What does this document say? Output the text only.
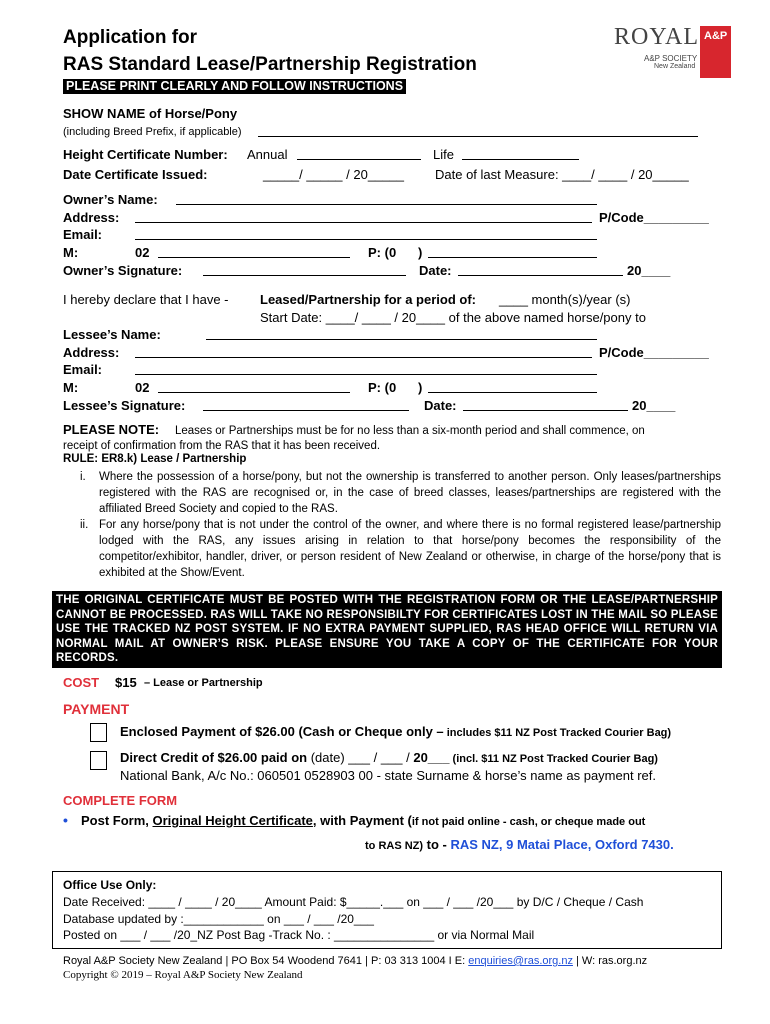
Application for
RAS Standard Lease/Partnership Registration
PLEASE PRINT CLEARLY AND FOLLOW INSTRUCTIONS
ROYAL A&P
A&P SOCIETY
New Zealand
SHOW NAME of Horse/Pony
(including Breed Prefix, if applicable)
Height Certificate Number: Annual	Life
Date Certificate Issued:	_____/ _____ / 20_____ Date of last Measure: ____/ ____ / 20_____
Owner’s Name:
Address:	P/Code_________
Email:
M:	02	P: (0 )
Owner’s Signature:	Date:	20____
I hereby declare that I have - Leased/Partnership for a period of: ____ month(s)/year (s)
Start Date: ____/ ____ / 20____ of the above named horse/pony to
Lessee’s Name:
Address:	P/Code_________
Email:
M:	02	P: (0 )
Lessee’s Signature:	Date:	20____
PLEASE NOTE: Leases or Partnerships must be for no less than a six-month period and shall commence, on
receipt of confirmation from the RAS that it has been received.
RULE: ER8.k) Lease / Partnership
i. Where the possession of a horse/pony, but not the ownership is transferred to another person. Only leases/partnerships registered with the RAS are recognised or, in the case of breed classes, leases/partnerships are registered with the affiliated Breed Society and copied to the RAS.
ii. For any horse/pony that is not under the control of the owner, and where there is no formal registered lease/partnership lodged with the RAS, any issues arising in relation to that horse/pony becomes the responsibility of the competitor/exhibitor, handler, driver, or person resident of New Zealand or otherwise, in charge of the horse/pony that is exhibited at the Show/Event.
THE ORIGINAL CERTIFICATE MUST BE POSTED WITH THE REGISTRATION FORM OR THE LEASE/PARTNERSHIP CANNOT BE PROCESSED. RAS WILL TAKE NO RESPONSIBILTY FOR CERTIFICATES LOST IN THE MAIL SO PLEASE USE THE TRACKED NZ POST SYSTEM. IF NO EXTRA PAYMENT SUPPLIED, RAS HEAD OFFICE WILL RETURN VIA NORMAL MAIL AT OWNER’S RISK. PLEASE ENSURE YOU TAKE A COPY OF THE CERTIFICATE FOR YOUR RECORDS.
COST $15 – Lease or Partnership
PAYMENT
Enclosed Payment of $26.00 (Cash or Cheque only – includes $11 NZ Post Tracked Courier Bag)
Direct Credit of $26.00 paid on (date) ___ / ___ / 20___ (incl. $11 NZ Post Tracked Courier Bag)
National Bank, A/c No.: 060501 0528903 00 - state Surname & horse’s name as payment ref.
COMPLETE FORM
• Post Form, Original Height Certificate, with Payment (if not paid online - cash, or cheque made out
to RAS NZ) to - RAS NZ, 9 Matai Place, Oxford 7430.
Office Use Only:
Date Received: ____ / ____ / 20____ Amount Paid: $_____.___ on ___ / ___ /20___ by D/C / Cheque / Cash
Database updated by :____________ on ___ / ___ /20___
Posted on ___ / ___ /20_NZ Post Bag -Track No. : _______________ or via Normal Mail
Royal A&P Society New Zealand | PO Box 54 Woodend 7641 | P: 03 313 1004 I E: enquiries@ras.org.nz | W: ras.org.nz
Copyright © 2019 – Royal A&P Society New Zealand
